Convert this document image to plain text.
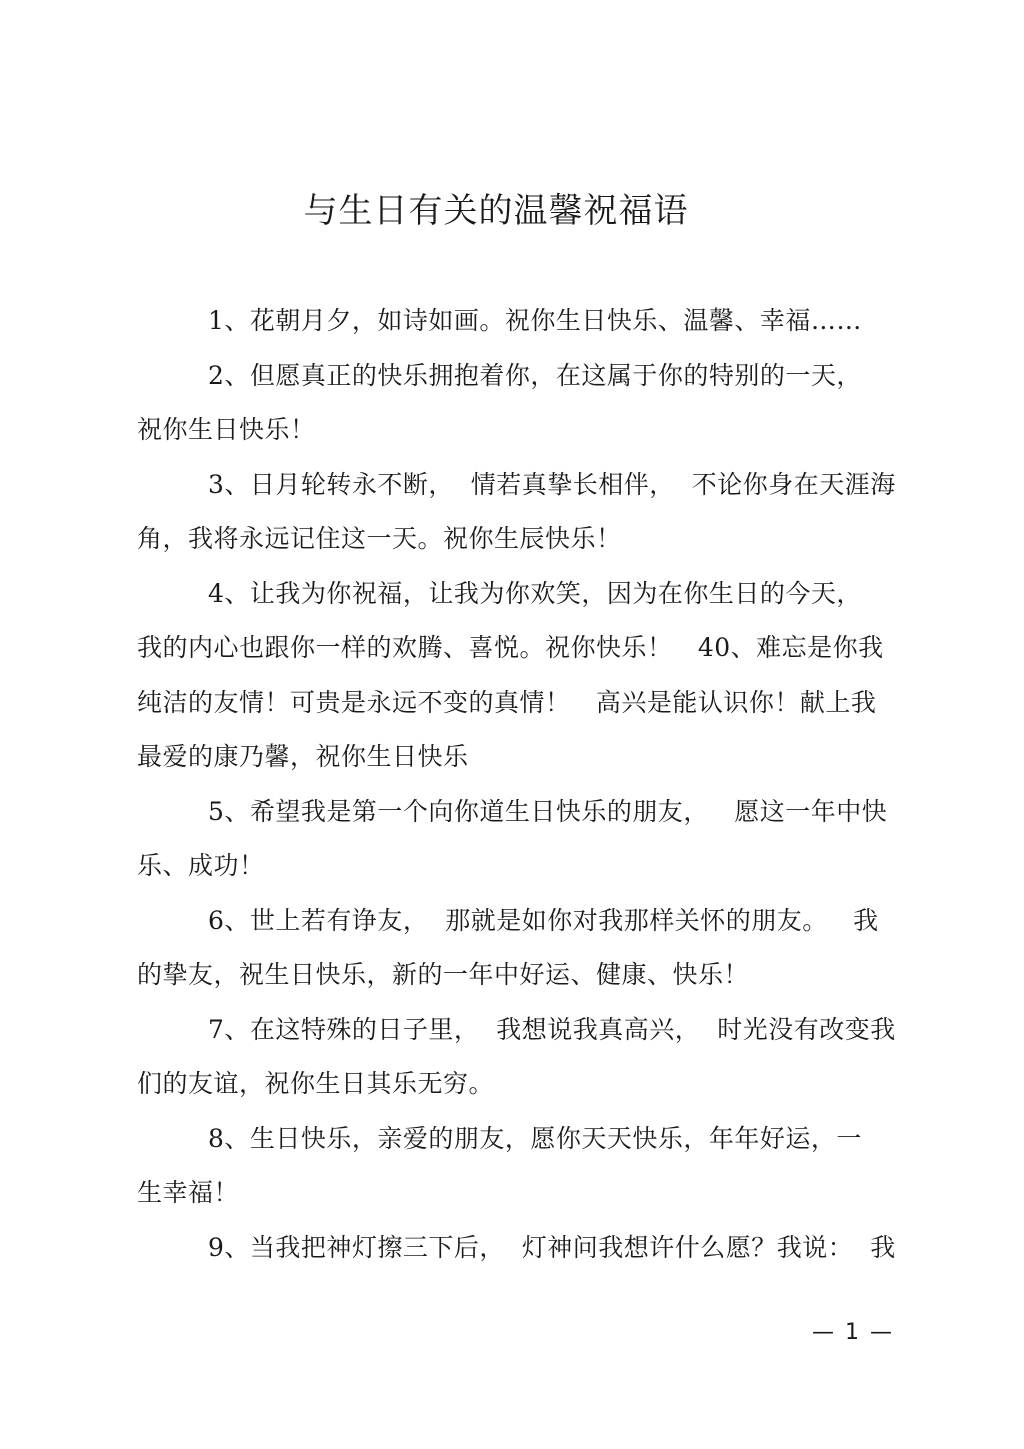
与生日有关的温馨祝福语

1、花朝月夕，如诗如画。祝你生日快乐、温馨、幸福……

2、但愿真正的快乐拥抱着你，在这属于你的特别的一天，
祝你生日快乐！

3、日月轮转永不断，  情若真挚长相伴，  不论你身在天涯海角，我将永远记住这一天。祝你生辰快乐！

4、让我为你祝福，让我为你欢笑，因为在你生日的今天，
我的内心也跟你一样的欢腾、喜悦。祝你快乐！   40、难忘是你我纯洁的友情！可贵是永远不变的真情！   高兴是能认识你！献上我最爱的康乃馨，祝你生日快乐

5、希望我是第一个向你道生日快乐的朋友，   愿这一年中快乐、成功！

6、世上若有诤友，  那就是如你对我那样关怀的朋友。   我的挚友，祝生日快乐，新的一年中好运、健康、快乐！

7、在这特殊的日子里，  我想说我真高兴，  时光没有改变我们的友谊，祝你生日其乐无穷。

8、生日快乐，亲爱的朋友，愿你天天快乐，年年好运，一
生幸福！

9、当我把神灯擦三下后，  灯神问我想许什么愿？我说：  我

— 1 —
